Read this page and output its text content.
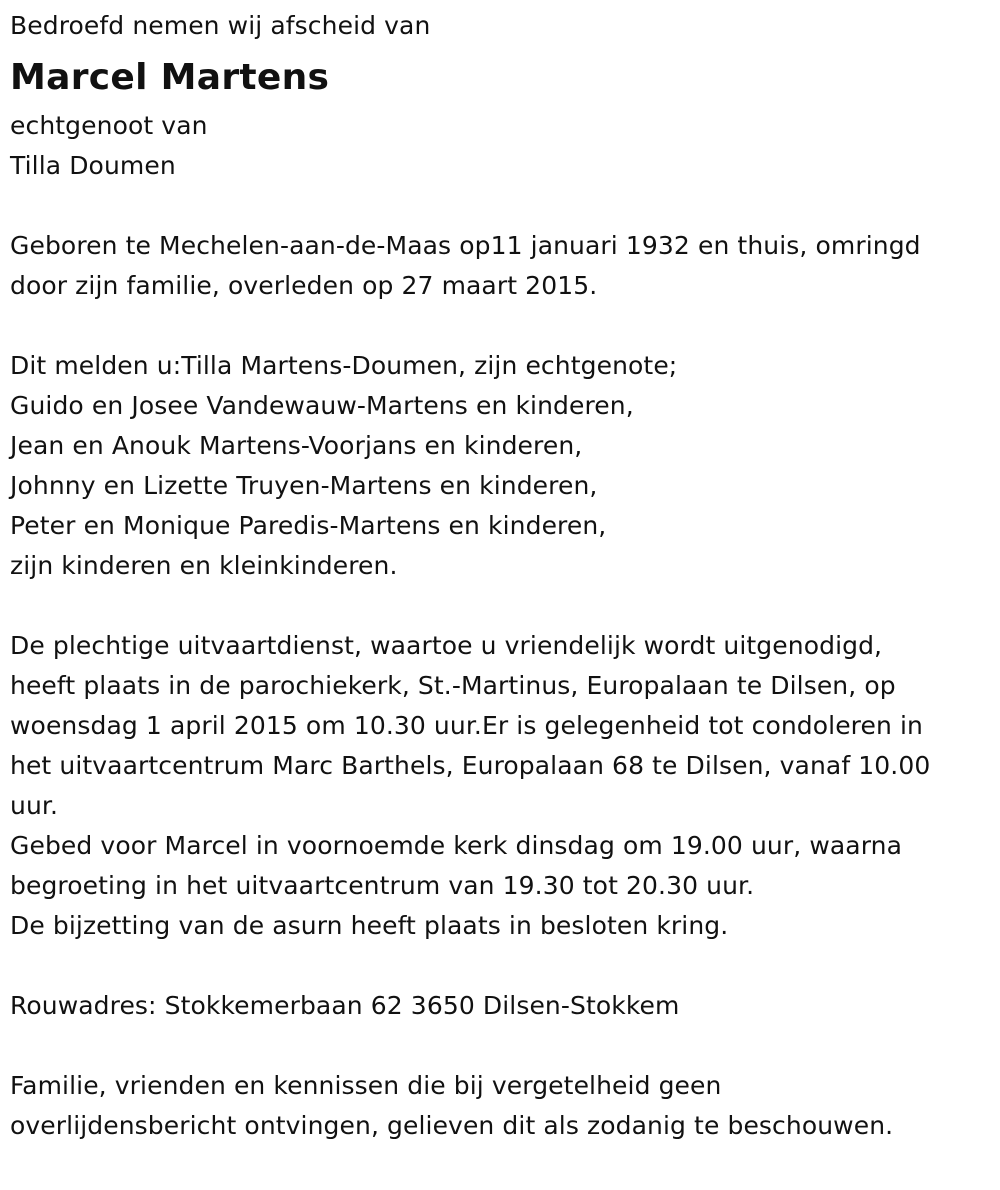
Bedroefd nemen wij afscheid van
Marcel Martens
echtgenoot van
Tilla Doumen
Geboren te Mechelen-aan-de-Maas op11 januari 1932 en thuis, omringd
door zijn familie, overleden op 27 maart 2015.
Dit melden u:Tilla Martens-Doumen, zijn echtgenote;
Guido en Josee Vandewauw-Martens en kinderen,
Jean en Anouk Martens-Voorjans en kinderen,
Johnny en Lizette Truyen-Martens en kinderen,
Peter en Monique Paredis-Martens en kinderen,
zijn kinderen en kleinkinderen.
De plechtige uitvaartdienst, waartoe u vriendelijk wordt uitgenodigd,
heeft plaats in de parochiekerk, St.-Martinus, Europalaan te Dilsen, op
woensdag 1 april 2015 om 10.30 uur.Er is gelegenheid tot condoleren in
het uitvaartcentrum Marc Barthels, Europalaan 68 te Dilsen, vanaf 10.00
uur.
Gebed voor Marcel in voornoemde kerk dinsdag om 19.00 uur, waarna
begroeting in het uitvaartcentrum van 19.30 tot 20.30 uur.
De bijzetting van de asurn heeft plaats in besloten kring.
Rouwadres: Stokkemerbaan 62 3650 Dilsen-Stokkem
Familie, vrienden en kennissen die bij vergetelheid geen
overlijdensbericht ontvingen, gelieven dit als zodanig te beschouwen.
